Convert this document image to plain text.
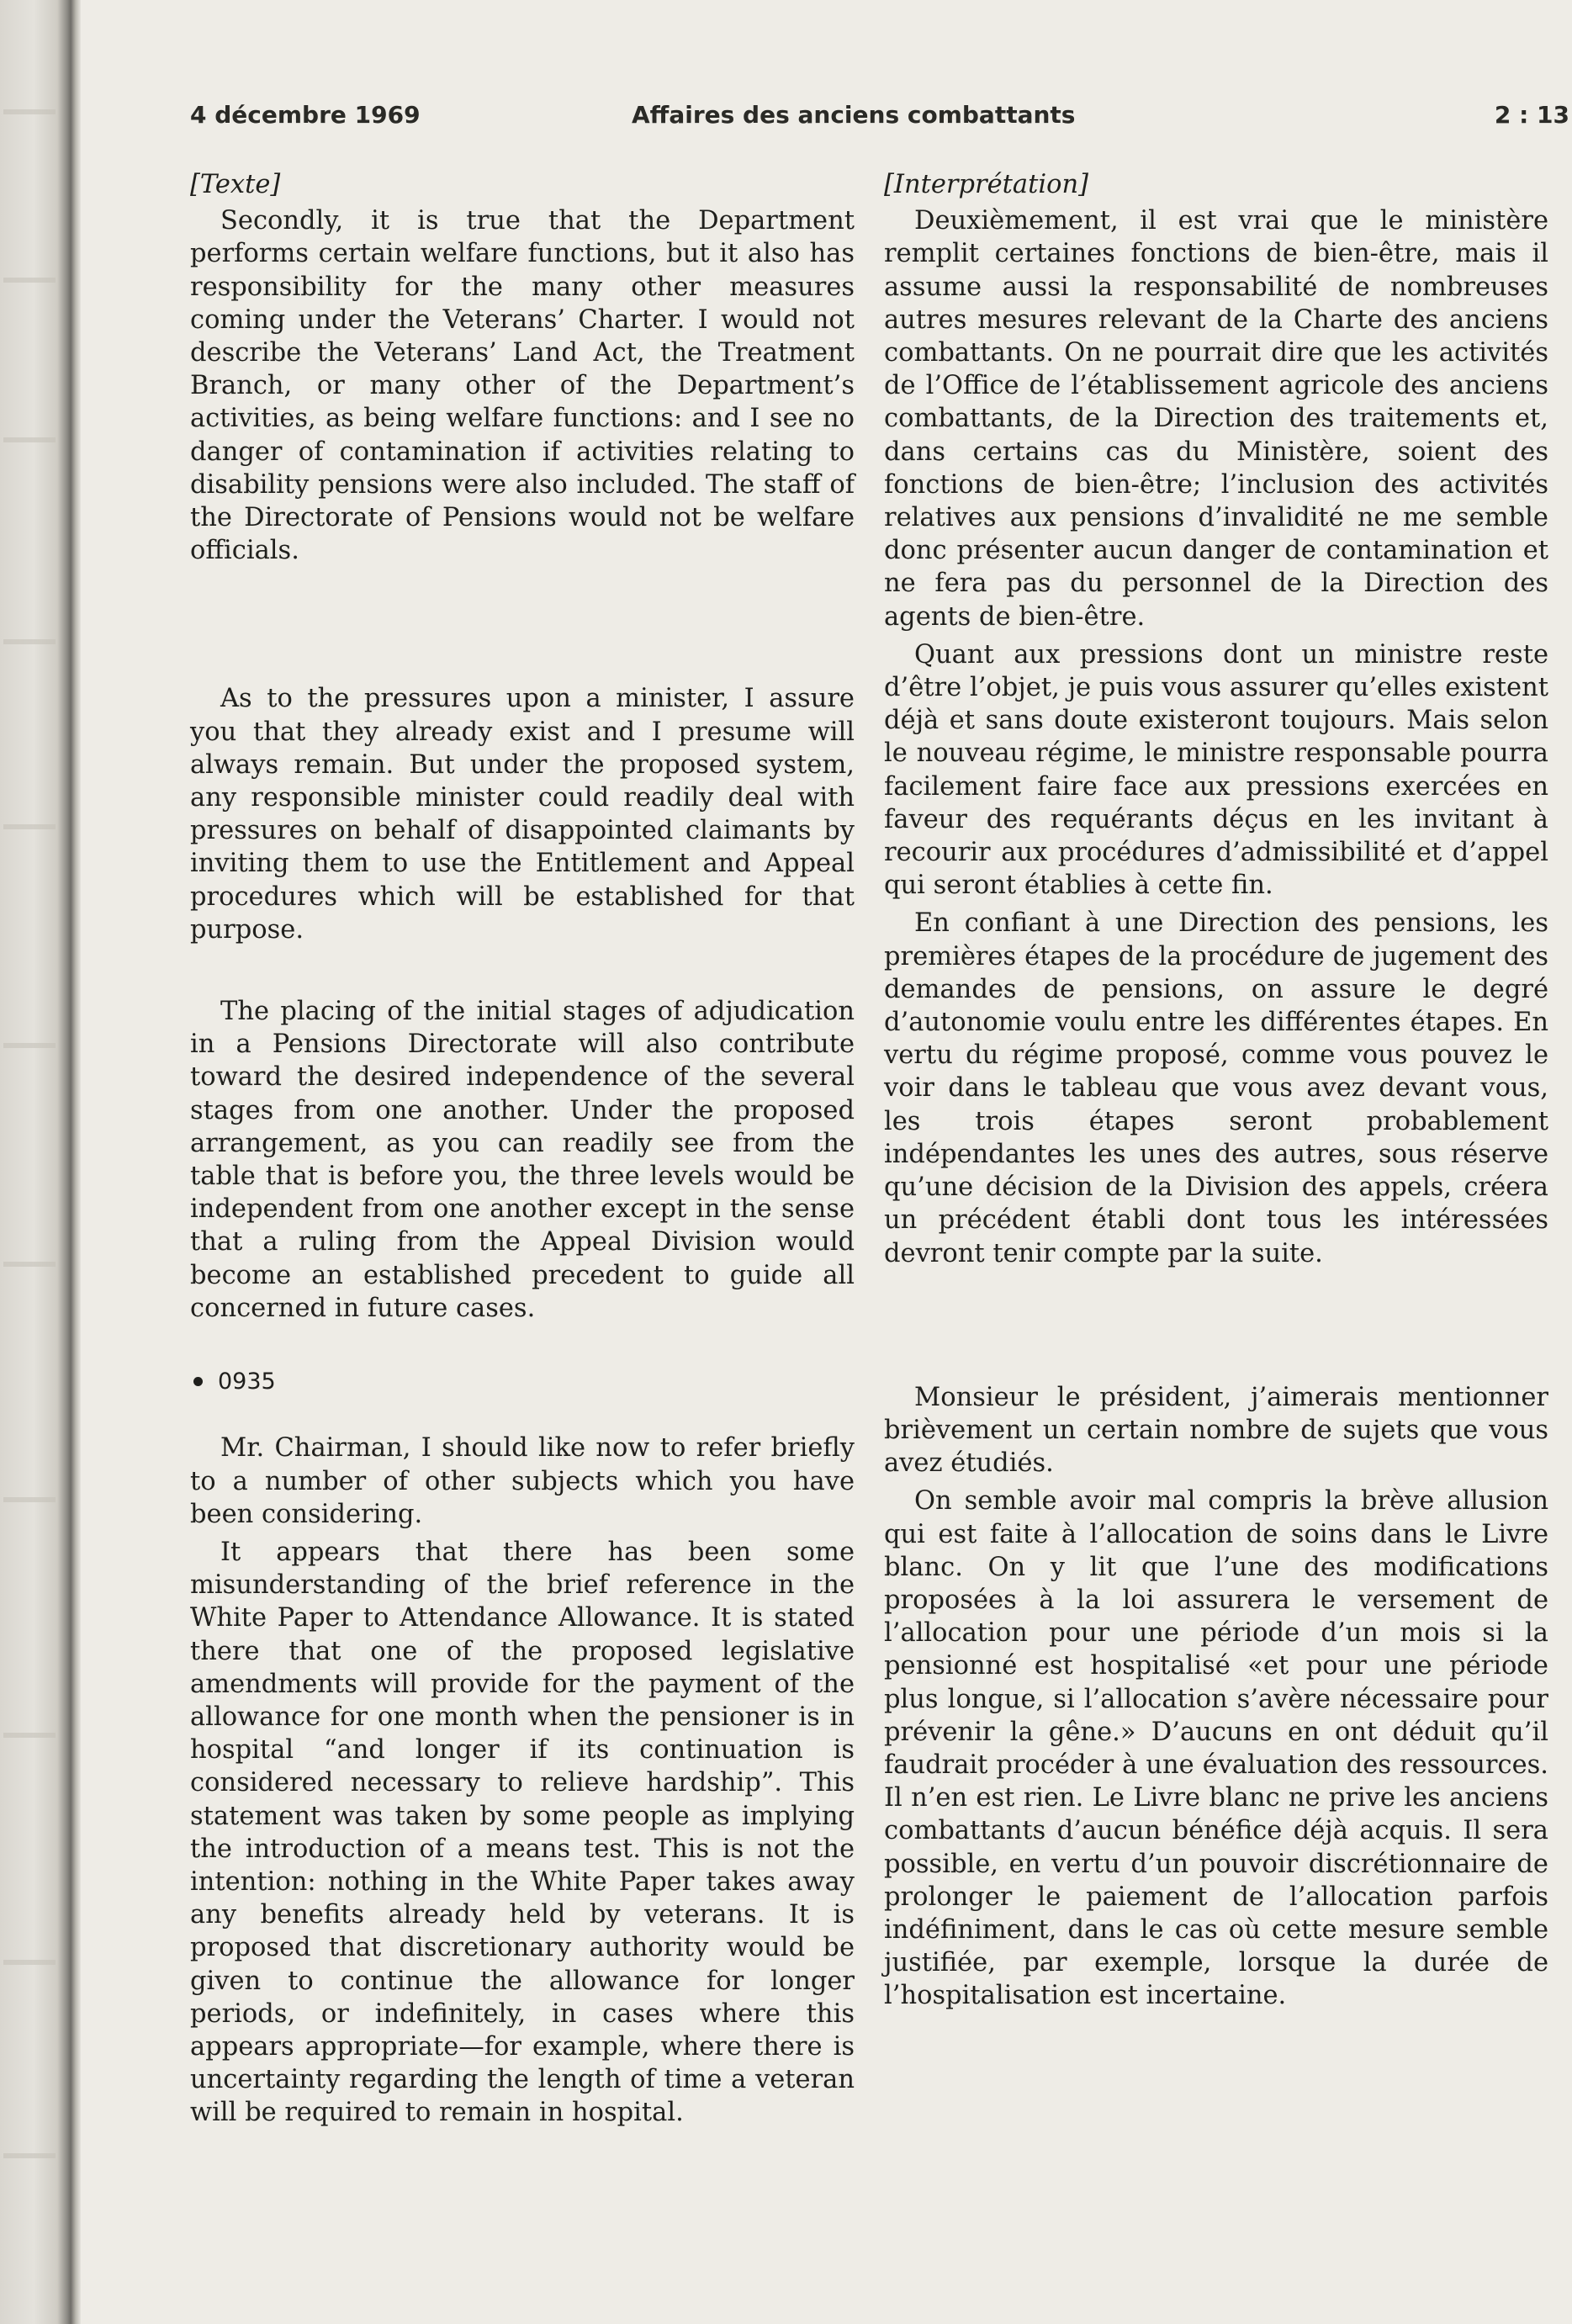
4 décembre 1969	Affaires des anciens combattants	2 : 13
[Texte]

Secondly, it is true that the Department performs certain welfare functions, but it also has responsibility for the many other measures coming under the Veterans’ Charter. I would not describe the Veterans’ Land Act, the Treatment Branch, or many other of the Department’s activities, as being welfare functions: and I see no danger of contamination if activities relating to disability pensions were also included. The staff of the Directorate of Pensions would not be welfare officials.

As to the pressures upon a minister, I assure you that they already exist and I presume will always remain. But under the proposed system, any responsible minister could readily deal with pressures on behalf of disappointed claimants by inviting them to use the Entitlement and Appeal procedures which will be established for that purpose.

The placing of the initial stages of adjudication in a Pensions Directorate will also contribute toward the desired independence of the several stages from one another. Under the proposed arrangement, as you can readily see from the table that is before you, the three levels would be independent from one another except in the sense that a ruling from the Appeal Division would become an established precedent to guide all concerned in future cases.

0935

Mr. Chairman, I should like now to refer briefly to a number of other subjects which you have been considering.

It appears that there has been some misunderstanding of the brief reference in the White Paper to Attendance Allowance. It is stated there that one of the proposed legislative amendments will provide for the payment of the allowance for one month when the pensioner is in hospital “and longer if its continuation is considered necessary to relieve hardship”. This statement was taken by some people as implying the introduction of a means test. This is not the intention: nothing in the White Paper takes away any benefits already held by veterans. It is proposed that discretionary authority would be given to continue the allowance for longer periods, or indefinitely, in cases where this appears appropriate—for example, where there is uncertainty regarding the length of time a veteran will be required to remain in hospital.

[Interprétation]

Deuxièmement, il est vrai que le ministère remplit certaines fonctions de bien-être, mais il assume aussi la responsabilité de nombreuses autres mesures relevant de la Charte des anciens combattants. On ne pourrait dire que les activités de l’Office de l’établissement agricole des anciens combattants, de la Direction des traitements et, dans certains cas du Ministère, soient des fonctions de bien-être; l’inclusion des activités relatives aux pensions d’invalidité ne me semble donc présenter aucun danger de contamination et ne fera pas du personnel de la Direction des agents de bien-être.

Quant aux pressions dont un ministre reste d’être l’objet, je puis vous assurer qu’elles existent déjà et sans doute existeront toujours. Mais selon le nouveau régime, le ministre responsable pourra facilement faire face aux pressions exercées en faveur des requérants déçus en les invitant à recourir aux procédures d’admissibilité et d’appel qui seront établies à cette fin.

En confiant à une Direction des pensions, les premières étapes de la procédure de jugement des demandes de pensions, on assure le degré d’autonomie voulu entre les différentes étapes. En vertu du régime proposé, comme vous pouvez le voir dans le tableau que vous avez devant vous, les trois étapes seront probablement indépendantes les unes des autres, sous réserve qu’une décision de la Division des appels, créera un précédent établi dont tous les intéressées devront tenir compte par la suite.

Monsieur le président, j’aimerais mentionner brièvement un certain nombre de sujets que vous avez étudiés.

On semble avoir mal compris la brève allusion qui est faite à l’allocation de soins dans le Livre blanc. On y lit que l’une des modifications proposées à la loi assurera le versement de l’allocation pour une période d’un mois si la pensionné est hospitalisé «et pour une période plus longue, si l’allocation s’avère nécessaire pour prévenir la gêne.» D’aucuns en ont déduit qu’il faudrait procéder à une évaluation des ressources. Il n’en est rien. Le Livre blanc ne prive les anciens combattants d’aucun bénéfice déjà acquis. Il sera possible, en vertu d’un pouvoir discrétionnaire de prolonger le paiement de l’allocation parfois indéfiniment, dans le cas où cette mesure semble justifiée, par exemple, lorsque la durée de l’hospitalisation est incertaine.
